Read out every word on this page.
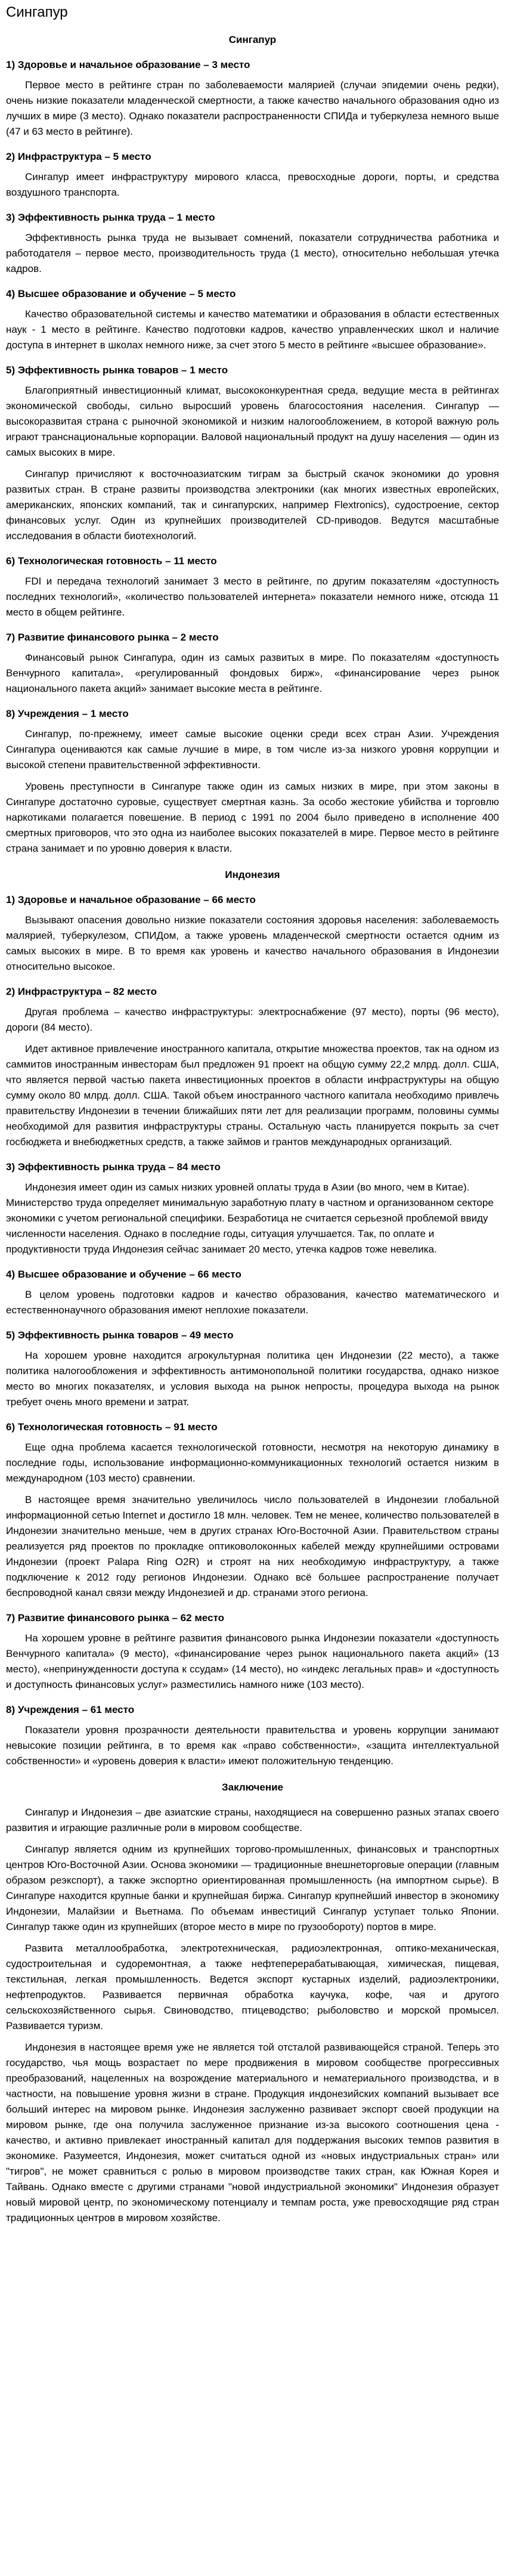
Сингапур
Сингапур
1) Здоровье и начальное образование – 3 место

Первое место в рейтинге стран по заболеваемости малярией (случаи эпидемии очень редки), очень низкие показатели младенческой смертности, а также качество начального образования одно из лучших в мире (3 место). Однако показатели распространенности СПИДа и туберкулеза немного выше (47 и 63 место в рейтинге).

2) Инфраструктура – 5 место

Сингапур имеет инфраструктуру мирового класса, превосходные дороги, порты, и средства воздушного транспорта.

3) Эффективность рынка труда – 1 место

Эффективность рынка труда не вызывает сомнений, показатели сотрудничества работника и работодателя – первое место, производительность труда (1 место), относительно небольшая утечка кадров.

4) Высшее образование и обучение – 5 место

Качество образовательной системы и качество математики и образования в области естественных наук - 1 место в рейтинге. Качество подготовки кадров, качество управленческих школ и наличие доступа в интернет в школах немного ниже, за счет этого 5 место в рейтинге «высшее образование».

5) Эффективность рынка товаров – 1 место

Благоприятный инвестиционный климат, высококонкурентная среда, ведущие места в рейтингах экономической свободы, сильно выросший уровень благосостояния населения. Сингапур — высокоразвитая страна с рыночной экономикой и низким налогообложением, в которой важную роль играют транснациональные корпорации. Валовой национальный продукт на душу населения — один из самых высоких в мире.

Сингапур причисляют к восточноазиатским тиграм за быстрый скачок экономики до уровня развитых стран. В стране развиты производства электроники (как многих известных европейских, американских, японских компаний, так и сингапурских, например Flextronics), судостроение, сектор финансовых услуг. Один из крупнейших производителей CD-приводов. Ведутся масштабные исследования в области биотехнологий.

6) Технологическая готовность – 11 место

FDI и передача технологий занимает 3 место в рейтинге, по другим показателям «доступность последних технологий», «количество пользователей интернета» показатели немного ниже, отсюда 11 место в общем рейтинге.

7) Развитие финансового рынка – 2 место

Финансовый рынок Сингапура, один из самых развитых в мире. По показателям «доступность Венчурного капитала», «регулированный фондовых бирж», «финансирование через рынок национального пакета акций» занимает высокие места в рейтинге.

8) Учреждения – 1 место

Сингапур, по-прежнему, имеет самые высокие оценки среди всех стран Азии. Учреждения Сингапура оцениваются как самые лучшие в мире, в том числе из-за низкого уровня коррупции и высокой степени правительственной эффективности.

Уровень преступности в Сингапуре также один из самых низких в мире, при этом законы в Сингапуре достаточно суровые, существует смертная казнь. За особо жестокие убийства и торговлю наркотиками полагается повешение. В период с 1991 по 2004 было приведено в исполнение 400 смертных приговоров, что это одна из наиболее высоких показателей в мире. Первое место в рейтинге страна занимает и по уровню доверия к власти.

Индонезия
1) Здоровье и начальное образование – 66 место

Вызывают опасения довольно низкие показатели состояния здоровья населения: заболеваемость малярией, туберкулезом, СПИДом, а также уровень младенческой смертности остается одним из самых высоких в мире. В то время как уровень и качество начального образования в Индонезии относительно высокое.

2) Инфраструктура – 82 место

Другая проблема – качество инфраструктуры: электроснабжение (97 место), порты (96 место), дороги (84 место).

Идет активное привлечение иностранного капитала, открытие множества проектов, так на одном из саммитов иностранным инвесторам был предложен 91 проект на общую сумму 22,2 млрд. долл. США, что является первой частью пакета инвестиционных проектов в области инфраструктуры на общую сумму около 80 млрд. долл. США. Такой объем иностранного частного капитала необходимо привлечь правительству Индонезии в течении ближайших пяти лет для реализации программ, половины суммы необходимой для развития инфраструктуры страны. Остальную часть планируется покрыть за счет госбюджета и внебюджетных средств, а также займов и грантов международных организаций.

3) Эффективность рынка труда – 84 место

Индонезия имеет один из самых низких уровней оплаты труда в Азии (во много, чем в Китае). Министерство труда определяет минимальную заработную плату в частном и организованном секторе экономики с учетом региональной специфики. Безработица не считается серьезной проблемой ввиду численности населения. Однако в последние годы, ситуация улучшается. Так, по оплате и продуктивности труда Индонезия сейчас занимает 20 место, утечка кадров тоже невелика.

4) Высшее образование и обучение – 66 место

В целом уровень подготовки кадров и качество образования, качество математического и естественнонаучного образования имеют неплохие показатели.

5) Эффективность рынка товаров – 49 место

На хорошем уровне находится агрокультурная политика цен Индонезии (22 место), а также политика налогообложения и эффективность антимонопольной политики государства, однако низкое место во многих показателях, и условия выхода на рынок непросты, процедура выхода на рынок требует очень много времени и затрат.

6) Технологическая готовность – 91 место

Еще одна проблема касается технологической готовности, несмотря на некоторую динамику в последние годы, использование информационно-коммуникационных технологий остается низким в международном (103 место) сравнении.

В настоящее время значительно увеличилось число пользователей в Индонезии глобальной информационной сетью Internet и достигло 18 млн. человек. Тем не менее, количество пользователей в Индонезии значительно меньше, чем в других странах Юго-Восточной Азии. Правительством страны реализуется ряд проектов по прокладке оптиковолоконных кабелей между крупнейшими островами Индонезии (проект Palapa Ring O2R) и строят на них необходимую инфраструктуру, а также подключение к 2012 году регионов Индонезии. Однако всё большее распространение получает беспроводной канал связи между Индонезией и др. странами этого региона.

7) Развитие финансового рынка – 62 место

На хорошем уровне в рейтинге развития финансового рынка Индонезии показатели «доступность Венчурного капитала» (9 место), «финансирование через рынок национального пакета акций» (13 место), «непринужденности доступа к ссудам» (14 место), но «индекс легальных прав» и «доступность и доступность финансовых услуг» разместились намного ниже (103 место).

8) Учреждения – 61 место

Показатели уровня прозрачности деятельности правительства и уровень коррупции занимают невысокие позиции рейтинга, в то время как «право собственности», «защита интеллектуальной собственности» и «уровень доверия к власти» имеют положительную тенденцию.

Заключение

Сингапур и Индонезия – две азиатские страны, находящиеся на совершенно разных этапах своего развития и играющие различные роли в мировом сообществе.

Сингапур является одним из крупнейших торгово-промышленных, финансовых и транспортных центров Юго-Восточной Азии. Основа экономики — традиционные внешнеторговые операции (главным образом реэкспорт), а также экспортно ориентированная промышленность (на импортном сырье). В Сингапуре находится крупные банки и крупнейшая биржа. Сингапур крупнейший инвестор в экономику Индонезии, Малайзии и Вьетнама. По объемам инвестиций Сингапур уступает только Японии. Сингапур также один из крупнейших (второе место в мире по грузообороту) портов в мире.

Развита металлообработка, электротехническая, радиоэлектронная, оптико-механическая, судостроительная и судоремонтная, а также нефтеперерабатывающая, химическая, пищевая, текстильная, легкая промышленность. Ведется экспорт кустарных изделий, радиоэлектроники, нефтепродуктов. Развивается первичная обработка каучука, кофе, чая и другого сельскохозяйственного сырья. Свиноводство, птицеводство; рыболовство и морской промысел. Развивается туризм.

Индонезия в настоящее время уже не является той отсталой развивающейся страной. Теперь это государство, чья мощь возрастает по мере продвижения в мировом сообществе прогрессивных преобразований, нацеленных на возрождение материального и нематериального производства, и в частности, на повышение уровня жизни в стране. Продукция индонезийских компаний вызывает все больший интерес на мировом рынке. Индонезия заслуженно развивает экспорт своей продукции на мировом рынке, где она получила заслуженное признание из-за высокого соотношения цена - качество, и активно привлекает иностранный капитал для поддержания высоких темпов развития в экономике. Разумеется, Индонезия, может считаться одной из «новых индустриальных стран» или "тигров", не может сравниться с ролью в мировом производстве таких стран, как Южная Корея и Тайвань. Однако вместе с другими странами "новой индустриальной экономики" Индонезия образует новый мировой центр, по экономическому потенциалу и темпам роста, уже превосходящие ряд стран традиционных центров в мировом хозяйстве.
